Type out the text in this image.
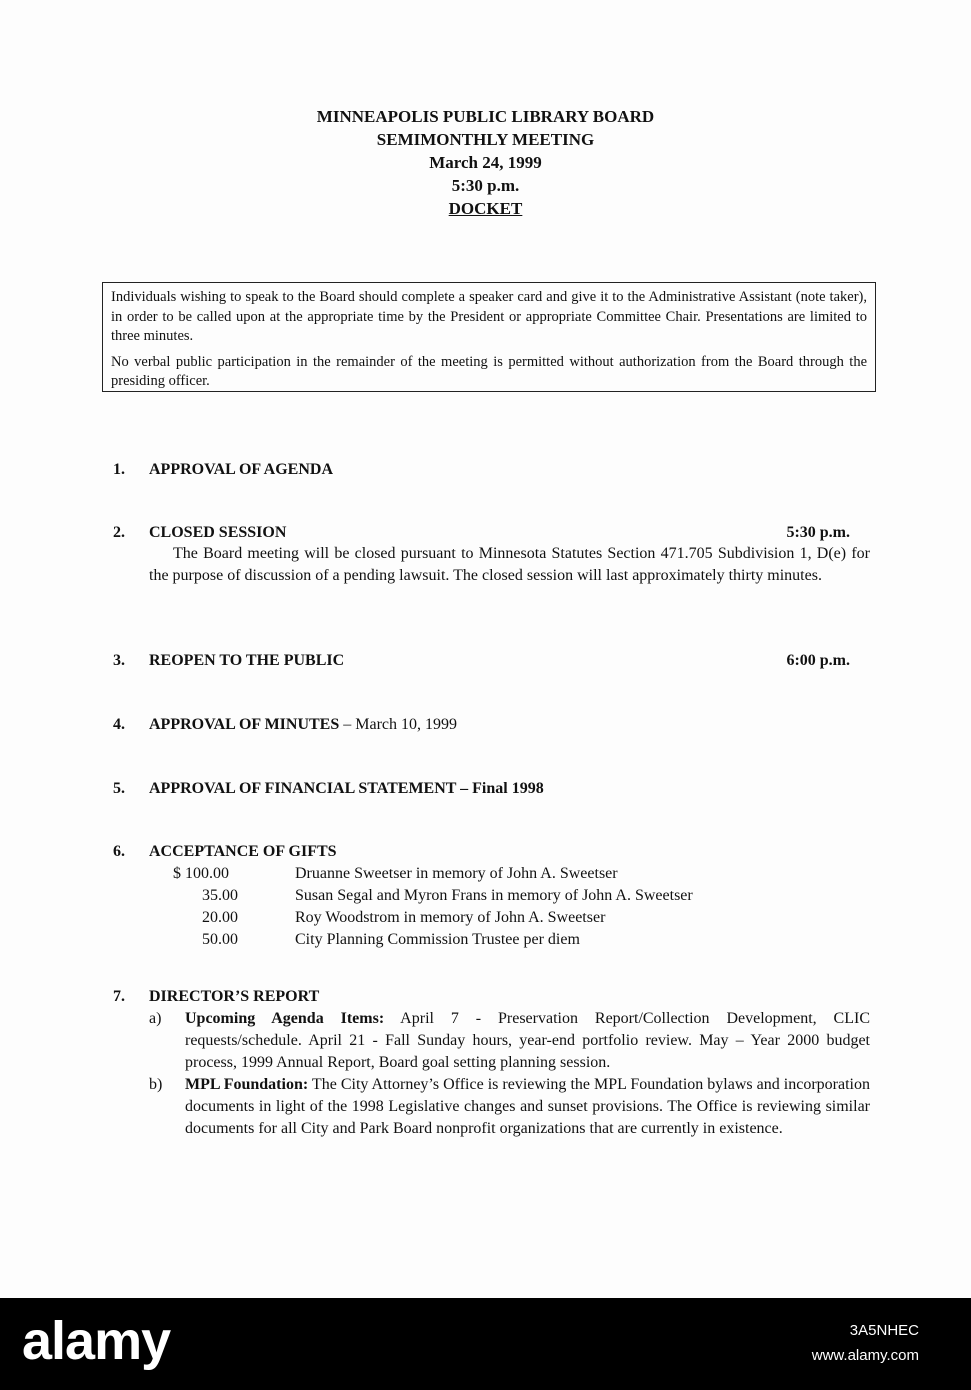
MINNEAPOLIS PUBLIC LIBRARY BOARD
SEMIMONTHLY MEETING
March 24, 1999
5:30 p.m.
DOCKET

Individuals wishing to speak to the Board should complete a speaker card and give it to the Administrative Assistant (note taker), in order to be called upon at the appropriate time by the President or appropriate Committee Chair. Presentations are limited to three minutes.

No verbal public participation in the remainder of the meeting is permitted without authorization from the Board through the presiding officer.

1. APPROVAL OF AGENDA
2. CLOSED SESSION	5:30 p.m.
The Board meeting will be closed pursuant to Minnesota Statutes Section 471.705 Subdivision 1, D(e) for the purpose of discussion of a pending lawsuit. The closed session will last approximately thirty minutes.
3. REOPEN TO THE PUBLIC	6:00 p.m.
4. APPROVAL OF MINUTES – March 10, 1999
5. APPROVAL OF FINANCIAL STATEMENT – Final 1998
6. ACCEPTANCE OF GIFTS
$ 100.00	Druanne Sweetser in memory of John A. Sweetser
35.00	Susan Segal and Myron Frans in memory of John A. Sweetser
20.00	Roy Woodstrom in memory of John A. Sweetser
50.00	City Planning Commission Trustee per diem
7. DIRECTOR’S REPORT
a) Upcoming Agenda Items: April 7 - Preservation Report/Collection Development, CLIC requests/schedule. April 21 - Fall Sunday hours, year-end portfolio review. May – Year 2000 budget process, 1999 Annual Report, Board goal setting planning session.
b) MPL Foundation: The City Attorney’s Office is reviewing the MPL Foundation bylaws and incorporation documents in light of the 1998 Legislative changes and sunset provisions. The Office is reviewing similar documents for all City and Park Board nonprofit organizations that are currently in existence.
alamy	3A5NHEC
www.alamy.com
